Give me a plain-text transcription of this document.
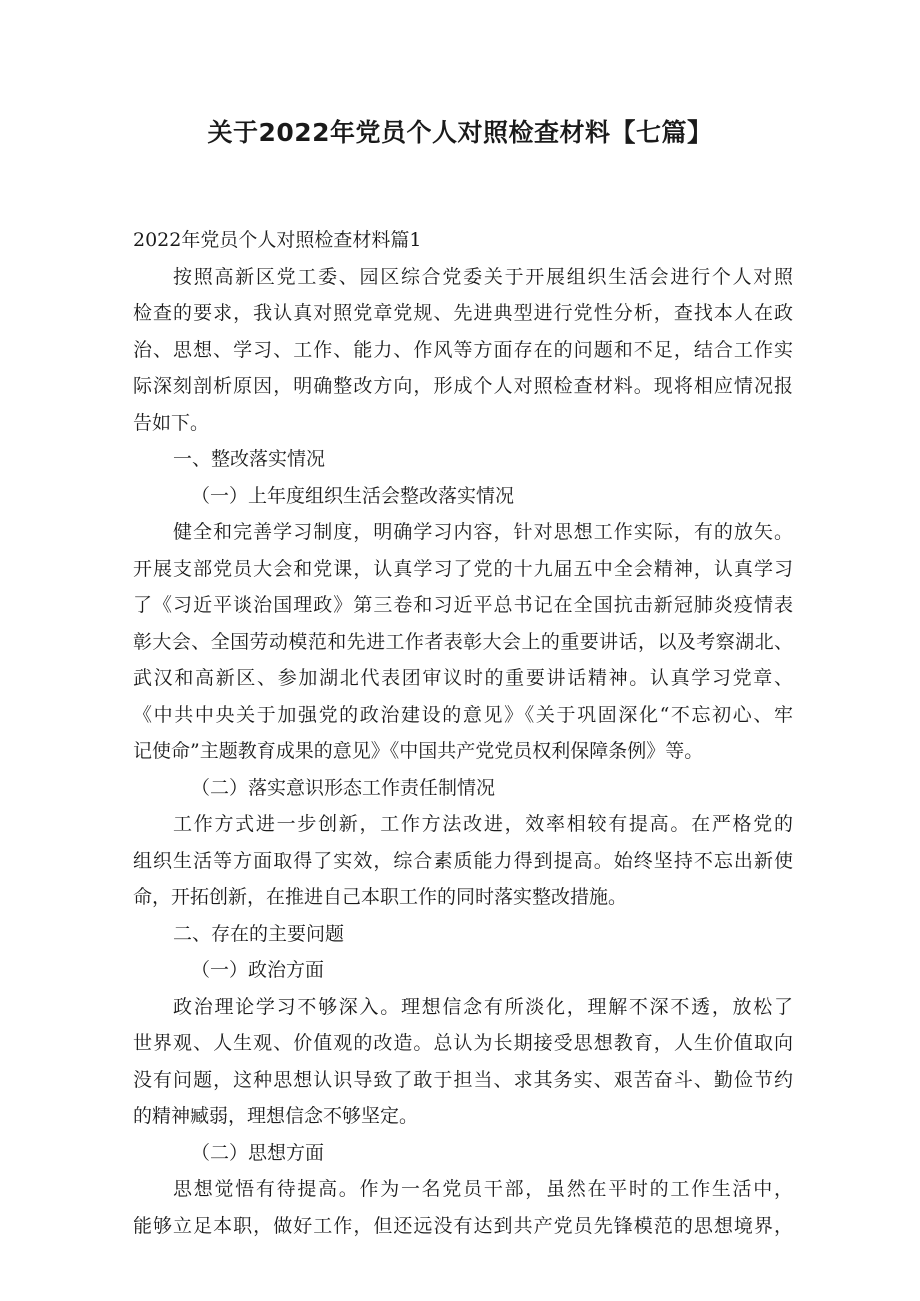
关于2022年党员个人对照检查材料【七篇】
2022年党员个人对照检查材料篇1
按照高新区党工委、园区综合党委关于开展组织生活会进行个人对照
检查的要求，我认真对照党章党规、先进典型进行党性分析，查找本人在政
治、思想、学习、工作、能力、作风等方面存在的问题和不足，结合工作实
际深刻剖析原因，明确整改方向，形成个人对照检查材料。现将相应情况报
告如下。
一、整改落实情况
（一）上年度组织生活会整改落实情况
健全和完善学习制度，明确学习内容，针对思想工作实际，有的放矢。
开展支部党员大会和党课，认真学习了党的十九届五中全会精神，认真学习
了《习近平谈治国理政》第三卷和习近平总书记在全国抗击新冠肺炎疫情表
彰大会、全国劳动模范和先进工作者表彰大会上的重要讲话，以及考察湖北、
武汉和高新区、参加湖北代表团审议时的重要讲话精神。认真学习党章、
《中共中央关于加强党的政治建设的意见》《关于巩固深化“不忘初心、牢
记使命”主题教育成果的意见》《中国共产党党员权利保障条例》等。
（二）落实意识形态工作责任制情况
工作方式进一步创新，工作方法改进，效率相较有提高。在严格党的
组织生活等方面取得了实效，综合素质能力得到提高。始终坚持不忘出新使
命，开拓创新，在推进自己本职工作的同时落实整改措施。
二、存在的主要问题
（一）政治方面
政治理论学习不够深入。理想信念有所淡化，理解不深不透，放松了
世界观、人生观、价值观的改造。总认为长期接受思想教育，人生价值取向
没有问题，这种思想认识导致了敢于担当、求其务实、艰苦奋斗、勤俭节约
的精神臧弱，理想信念不够坚定。
（二）思想方面
思想觉悟有待提高。作为一名党员干部，虽然在平时的工作生活中，
能够立足本职，做好工作，但还远没有达到共产党员先锋模范的思想境界，
